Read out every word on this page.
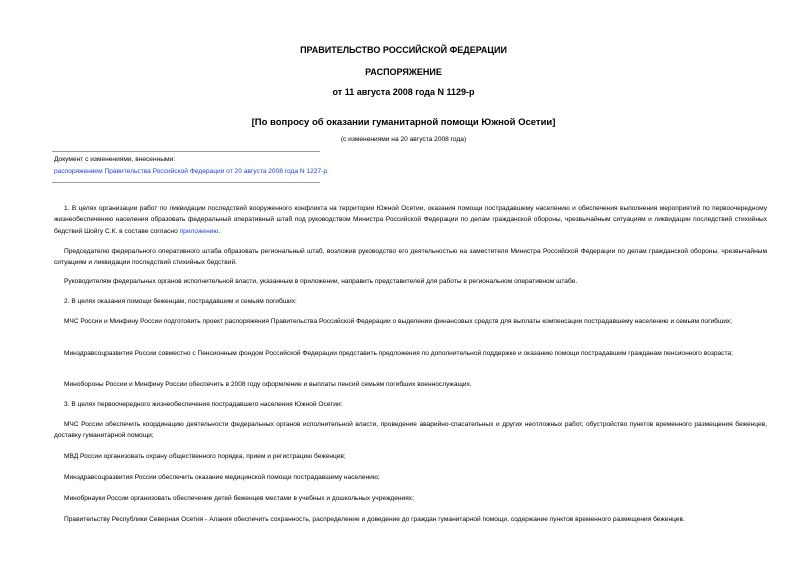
ПРАВИТЕЛЬСТВО РОССИЙСКОЙ ФЕДЕРАЦИИ
РАСПОРЯЖЕНИЕ
от 11 августа 2008 года N 1129-р
[По вопросу об оказании гуманитарной помощи Южной Осетии]
(с изменениями на 20 августа 2008 года)
Документ с изменениями, внесенными:
распоряжением Правительства Российской Федерации от 20 августа 2008 года N 1227-р.
1. В целях организации работ по ликвидации последствий вооруженного конфликта на территории Южной Осетии, оказания помощи пострадавшему населению и обеспечения выполнения мероприятий по первоочередному жизнеобеспечению населения образовать федеральный оперативный штаб под руководством Министра Российской Федерации по делам гражданской обороны, чрезвычайным ситуациям и ликвидации последствий стихийных бедствий Шойгу С.К. в составе согласно приложению.
Председателю федерального оперативного штаба образовать региональный штаб, возложив руководство его деятельностью на заместителя Министра Российской Федерации по делам гражданской обороны, чрезвычайным ситуациям и ликвидации последствий стихийных бедствий.
Руководителям федеральных органов исполнительной власти, указанным в приложении, направить представителей для работы в региональном оперативном штабе.
2. В целях оказания помощи беженцам, пострадавшим и семьям погибших:
МЧС России и Минфину России подготовить проект распоряжения Правительства Российской Федерации о выделении финансовых средств для выплаты компенсации пострадавшему населению и семьям погибших;
Минздравсоцразвития России совместно с Пенсионным фондом Российской Федерации представить предложения по дополнительной поддержке и оказанию помощи пострадавшим гражданам пенсионного возраста;
Минобороны России и Минфину России обеспечить в 2008 году оформление и выплаты пенсий семьям погибших военнослужащих.
3. В целях первоочередного жизнеобеспечения пострадавшего населения Южной Осетии:
МЧС России обеспечить координацию деятельности федеральных органов исполнительной власти, проведение аварийно-спасательных и других неотложных работ, обустройство пунктов временного размещения беженцев, доставку гуманитарной помощи;
МВД России организовать охрану общественного порядка, прием и регистрацию беженцев;
Минздравсоцразвития России обеспечить оказание медицинской помощи пострадавшему населению;
Минобрнауки России организовать обеспечение детей беженцев местами в учебных и дошкольных учреждениях;
Правительству Республики Северная Осетия - Алания обеспечить сохранность, распределение и доведение до граждан гуманитарной помощи, содержание пунктов временного размещения беженцев.
